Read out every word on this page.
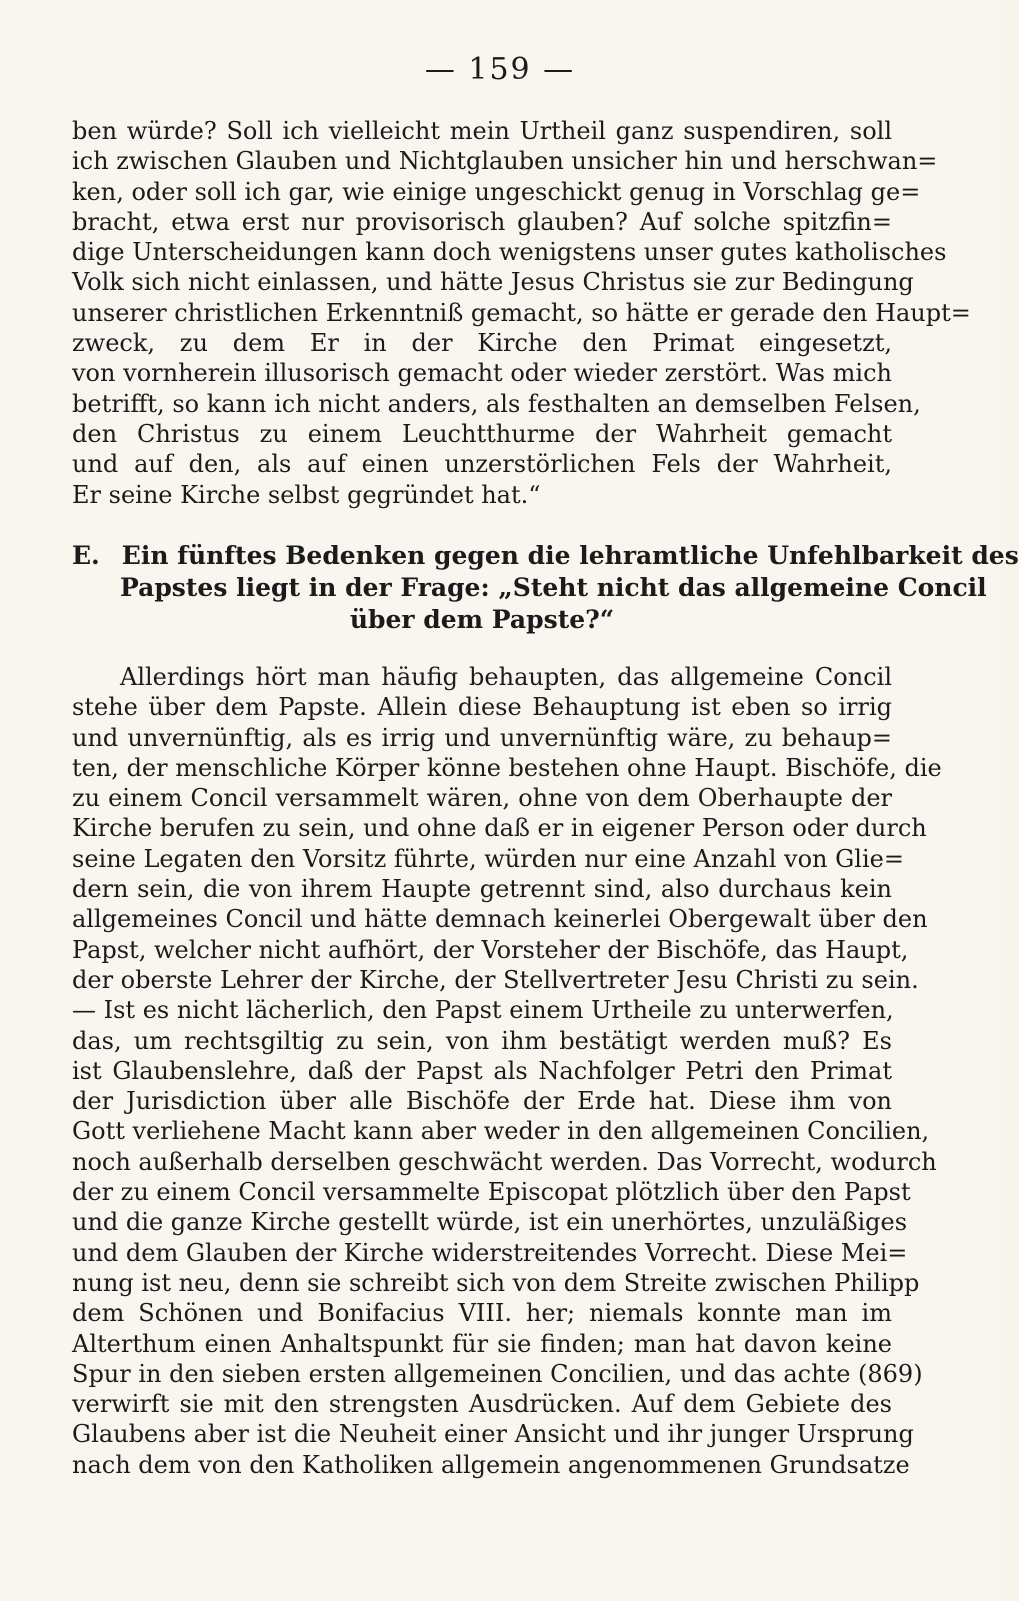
— 159 —
ben würde? Soll ich vielleicht mein Urtheil ganz suspendiren, soll
ich zwischen Glauben und Nichtglauben unsicher hin und herschwan=
ken, oder soll ich gar, wie einige ungeschickt genug in Vorschlag ge=
bracht, etwa erst nur provisorisch glauben? Auf solche spitzfin=
dige Unterscheidungen kann doch wenigstens unser gutes katholisches
Volk sich nicht einlassen, und hätte Jesus Christus sie zur Bedingung
unserer christlichen Erkenntniß gemacht, so hätte er gerade den Haupt=
zweck, zu dem Er in der Kirche den Primat eingesetzt,
von vornherein illusorisch gemacht oder wieder zerstört. Was mich
betrifft, so kann ich nicht anders, als festhalten an demselben Felsen,
den Christus zu einem Leuchtthurme der Wahrheit gemacht
und auf den, als auf einen unzerstörlichen Fels der Wahrheit,
Er seine Kirche selbst gegründet hat.“
E. Ein fünftes Bedenken gegen die lehramtliche Unfehlbarkeit des
Papstes liegt in der Frage: „Steht nicht das allgemeine Concil
über dem Papste?“
Allerdings hört man häufig behaupten, das allgemeine Concil
stehe über dem Papste. Allein diese Behauptung ist eben so irrig
und unvernünftig, als es irrig und unvernünftig wäre, zu behaup=
ten, der menschliche Körper könne bestehen ohne Haupt. Bischöfe, die
zu einem Concil versammelt wären, ohne von dem Oberhaupte der
Kirche berufen zu sein, und ohne daß er in eigener Person oder durch
seine Legaten den Vorsitz führte, würden nur eine Anzahl von Glie=
dern sein, die von ihrem Haupte getrennt sind, also durchaus kein
allgemeines Concil und hätte demnach keinerlei Obergewalt über den
Papst, welcher nicht aufhört, der Vorsteher der Bischöfe, das Haupt,
der oberste Lehrer der Kirche, der Stellvertreter Jesu Christi zu sein.
— Ist es nicht lächerlich, den Papst einem Urtheile zu unterwerfen,
das, um rechtsgiltig zu sein, von ihm bestätigt werden muß? Es
ist Glaubenslehre, daß der Papst als Nachfolger Petri den Primat
der Jurisdiction über alle Bischöfe der Erde hat. Diese ihm von
Gott verliehene Macht kann aber weder in den allgemeinen Concilien,
noch außerhalb derselben geschwächt werden. Das Vorrecht, wodurch
der zu einem Concil versammelte Episcopat plötzlich über den Papst
und die ganze Kirche gestellt würde, ist ein unerhörtes, unzuläßiges
und dem Glauben der Kirche widerstreitendes Vorrecht. Diese Mei=
nung ist neu, denn sie schreibt sich von dem Streite zwischen Philipp
dem Schönen und Bonifacius VIII. her; niemals konnte man im
Alterthum einen Anhaltspunkt für sie finden; man hat davon keine
Spur in den sieben ersten allgemeinen Concilien, und das achte (869)
verwirft sie mit den strengsten Ausdrücken. Auf dem Gebiete des
Glaubens aber ist die Neuheit einer Ansicht und ihr junger Ursprung
nach dem von den Katholiken allgemein angenommenen Grundsatze
